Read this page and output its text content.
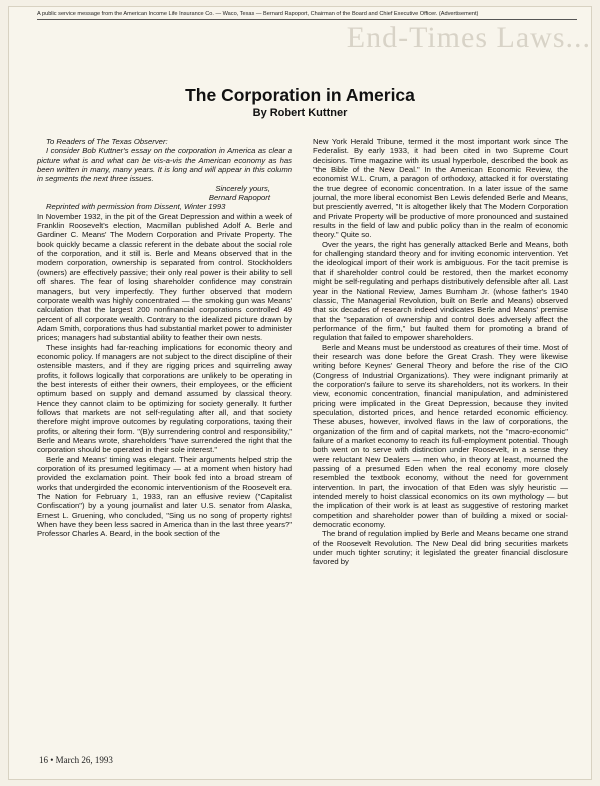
End-Times Laws...
A public service message from the American Income Life Insurance Co. — Waco, Texas — Bernard Rapoport, Chairman of the Board and Chief Executive Officer. (Advertisement)
The Corporation in America
By Robert Kuttner

To Readers of The Texas Observer:

I consider Bob Kuttner's essay on the corporation in America as clear a picture what is and what can be vis-a-vis the American economy as has been written in many, many years. It is long and will appear in this column in segments the next three issues.

Sincerely yours,

Bernard Rapoport

Reprinted with permission from Dissent, Winter 1993

In November 1932, in the pit of the Great Depression and within a week of Franklin Roosevelt's election, Macmillan published Adolf A. Berle and Gardiner C. Means' The Modern Corporation and Private Property. The book quickly became a classic referent in the debate about the social role of the corporation, and it still is. Berle and Means observed that in the modern corporation, ownership is separated from control. Stockholders (owners) are effectively passive; their only real power is their ability to sell off shares. The fear of losing shareholder confidence may constrain managers, but very imperfectly. They further observed that modern corporate wealth was highly concentrated — the smoking gun was Means' calculation that the largest 200 nonfinancial corporations controlled 49 percent of all corporate wealth. Contrary to the idealized picture drawn by Adam Smith, corporations thus had substantial market power to administer prices; managers had substantial ability to feather their own nests.

These insights had far-reaching implications for economic theory and economic policy. If managers are not subject to the direct discipline of their ostensible masters, and if they are rigging prices and squirreling away profits, it follows logically that corporations are unlikely to be operating in the best interests of either their owners, their employees, or the efficient optimum based on supply and demand assumed by classical theory. Hence they cannot claim to be optimizing for society generally. It further follows that markets are not self-regulating after all, and that society therefore might improve outcomes by regulating corporations, taxing their profits, or altering their form. "(B)y surrendering control and responsibility," Berle and Means wrote, shareholders "have surrendered the right that the corporation should be operated in their sole interest."

Berle and Means' timing was elegant. Their arguments helped strip the corporation of its presumed legitimacy — at a moment when history had provided the exclamation point. Their book fed into a broad stream of works that undergirded the economic interventionism of the Roosevelt era. The Nation for February 1, 1933, ran an effusive review ("Capitalist Confiscation") by a young journalist and later U.S. senator from Alaska, Ernest L. Gruening, who concluded, "Sing us no song of property rights! When have they been less sacred in America than in the last three years?" Professor Charles A. Beard, in the book section of the

New York Herald Tribune, termed it the most important work since The Federalist. By early 1933, it had been cited in two Supreme Court decisions. Time magazine with its usual hyperbole, described the book as "the Bible of the New Deal." In the American Economic Review, the economist W.L. Crum, a paragon of orthodoxy, attacked it for overstating the true degree of economic concentration. In a later issue of the same journal, the more liberal economist Ben Lewis defended Berle and Means, but presciently averred, "It is altogether likely that The Modern Corporation and Private Property will be productive of more pronounced and sustained results in the field of law and public policy than in the realm of economic theory." Quite so.

Over the years, the right has generally attacked Berle and Means, both for challenging standard theory and for inviting economic intervention. Yet the ideological import of their work is ambiguous. For the tacit premise is that if shareholder control could be restored, then the market economy might be self-regulating and perhaps distributively defensible after all. Last year in the National Review, James Burnham Jr. (whose father's 1940 classic, The Managerial Revolution, built on Berle and Means) observed that six decades of research indeed vindicates Berle and Means' premise that the "separation of ownership and control does adversely affect the performance of the firm," but faulted them for promoting a brand of regulation that failed to empower shareholders.

Berle and Means must be understood as creatures of their time. Most of their research was done before the Great Crash. They were likewise writing before Keynes' General Theory and before the rise of the CIO (Congress of Industrial Organizations). They were indignant primarily at the corporation's failure to serve its shareholders, not its workers. In their view, economic concentration, financial manipulation, and administered pricing were implicated in the Great Depression, because they invited speculation, distorted prices, and hence retarded economic efficiency. These abuses, however, involved flaws in the law of corporations, the organization of the firm and of capital markets, not the "macro-economic" failure of a market economy to reach its full-employment potential. Though both went on to serve with distinction under Roosevelt, in a sense they were reluctant New Dealers — men who, in theory at least, mourned the passing of a presumed Eden when the real economy more closely resembled the textbook economy, without the need for government intervention. In part, the invocation of that Eden was slyly heuristic — intended merely to hoist classical economics on its own mythology — but the implication of their work is at least as suggestive of restoring market competition and shareholder power than of building a mixed or social-democratic economy.

The brand of regulation implied by Berle and Means became one strand of the Roosevelt Revolution. The New Deal did bring securities markets under much tighter scrutiny; it legislated the greater financial disclosure favored by

16 • March 26, 1993
